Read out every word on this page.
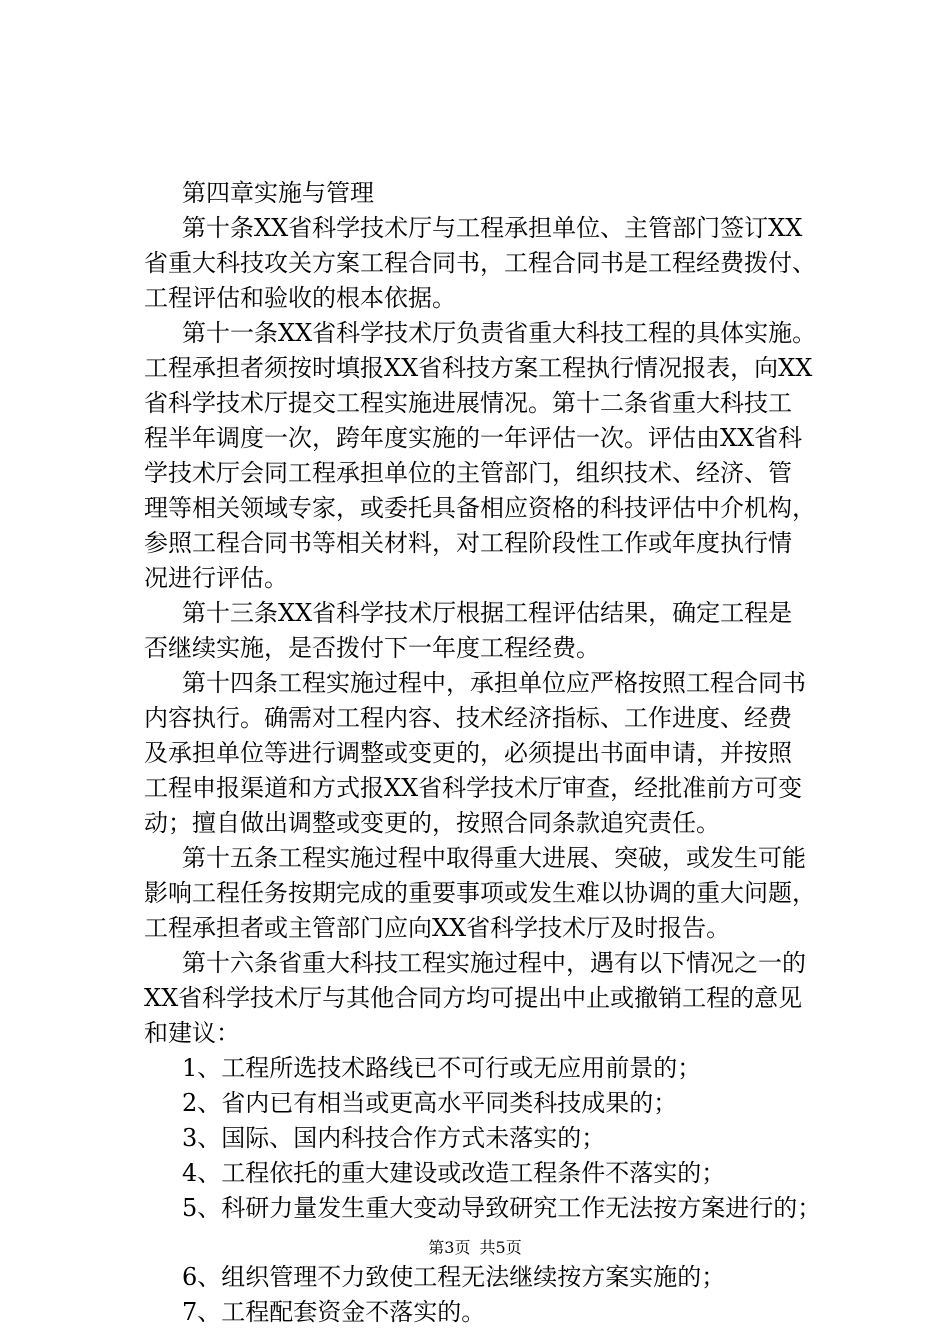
第四章实施与管理
第十条XX省科学技术厅与工程承担单位、主管部门签订XX
省重大科技攻关方案工程合同书，工程合同书是工程经费拨付、
工程评估和验收的根本依据。
第十一条XX省科学技术厅负责省重大科技工程的具体实施。
工程承担者须按时填报XX省科技方案工程执行情况报表，向XX
省科学技术厅提交工程实施进展情况。第十二条省重大科技工
程半年调度一次，跨年度实施的一年评估一次。评估由XX省科
学技术厅会同工程承担单位的主管部门，组织技术、经济、管
理等相关领域专家，或委托具备相应资格的科技评估中介机构，
参照工程合同书等相关材料，对工程阶段性工作或年度执行情
况进行评估。
第十三条XX省科学技术厅根据工程评估结果，确定工程是
否继续实施，是否拨付下一年度工程经费。
第十四条工程实施过程中，承担单位应严格按照工程合同书
内容执行。确需对工程内容、技术经济指标、工作进度、经费
及承担单位等进行调整或变更的，必须提出书面申请，并按照
工程申报渠道和方式报XX省科学技术厅审查，经批准前方可变
动；擅自做出调整或变更的，按照合同条款追究责任。
第十五条工程实施过程中取得重大进展、突破，或发生可能
影响工程任务按期完成的重要事项或发生难以协调的重大问题，
工程承担者或主管部门应向XX省科学技术厅及时报告。
第十六条省重大科技工程实施过程中，遇有以下情况之一的
XX省科学技术厅与其他合同方均可提出中止或撤销工程的意见
和建议：
1、工程所选技术路线已不可行或无应用前景的；
2、省内已有相当或更高水平同类科技成果的；
3、国际、国内科技合作方式未落实的；
4、工程依托的重大建设或改造工程条件不落实的；
5、科研力量发生重大变动导致研究工作无法按方案进行的；
6、组织管理不力致使工程无法继续按方案实施的；
7、工程配套资金不落实的。
第3页 共5页
